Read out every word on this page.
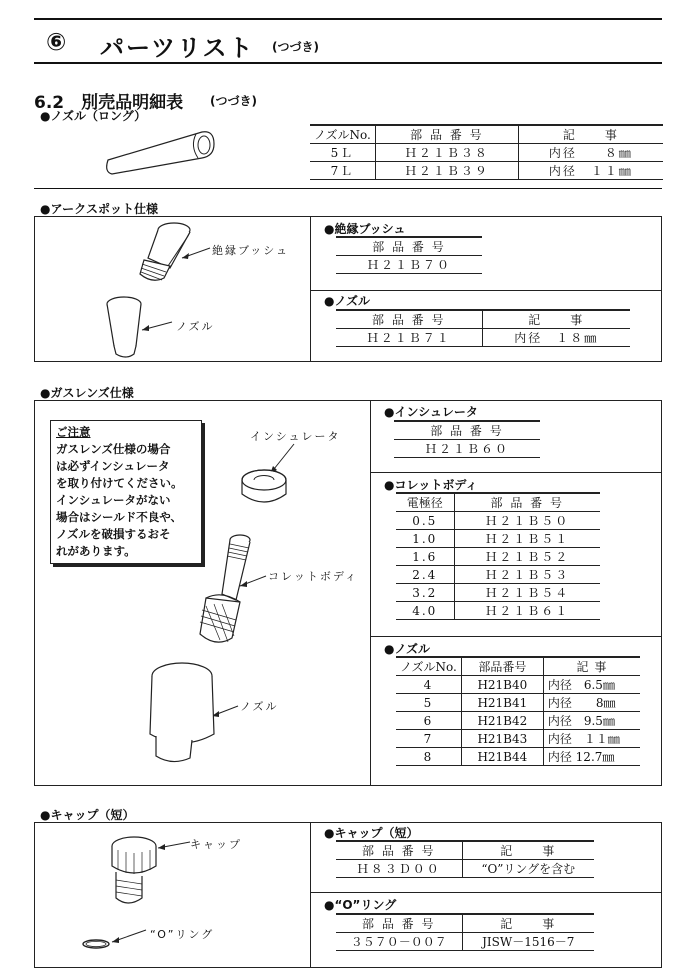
⑥ パーツリスト (つづき)
6.2　別売品明細表 (つづき)
●ノズル（ロング）
ノズルNo.	部 品 番 号	記　　事
5Ｌ	Ｈ２１Ｂ３８	内径　　８㎜
7Ｌ	Ｈ２１Ｂ３９	内径　１１㎜
●アークスポット仕様
絶縁ブッシュ
ノズル
●絶縁ブッシュ
部 品 番 号
Ｈ２１Ｂ７０
●ノズル
部 品 番 号	記　　事
Ｈ２１Ｂ７１	内径　１８㎜
●ガスレンズ仕様
ご注意
ガスレンズ仕様の場合
は必ずインシュレータ
を取り付けてください。
インシュレータがない
場合はシールド不良や、
ノズルを破損するおそ
れがあります。
インシュレータ
コレットボディ
ノズル
●インシュレータ
部 品 番 号
Ｈ２１Ｂ６０
●コレットボディ
電極径	部 品 番 号
0.5	Ｈ２１Ｂ５０
1.0	Ｈ２１Ｂ５１
1.6	Ｈ２１Ｂ５２
2.4	Ｈ２１Ｂ５３
3.2	Ｈ２１Ｂ５４
4.0	Ｈ２１Ｂ６１
●ノズル
ノズルNo.	部品番号	記 事
4	H21B40	内径　6.5㎜
5	H21B41	内径　　8㎜
6	H21B42	内径　9.5㎜
7	H21B43	内径　１１㎜
8	H21B44	内径 12.7㎜
●キャップ（短）
キャップ
“O”リング
●キャップ（短）
部 品 番 号	記　　事
Ｈ８３Ｄ００	“O”リングを含む
●“O”リング
部 品 番 号	記　　事
３５７０－００７	JISW－1516－7
